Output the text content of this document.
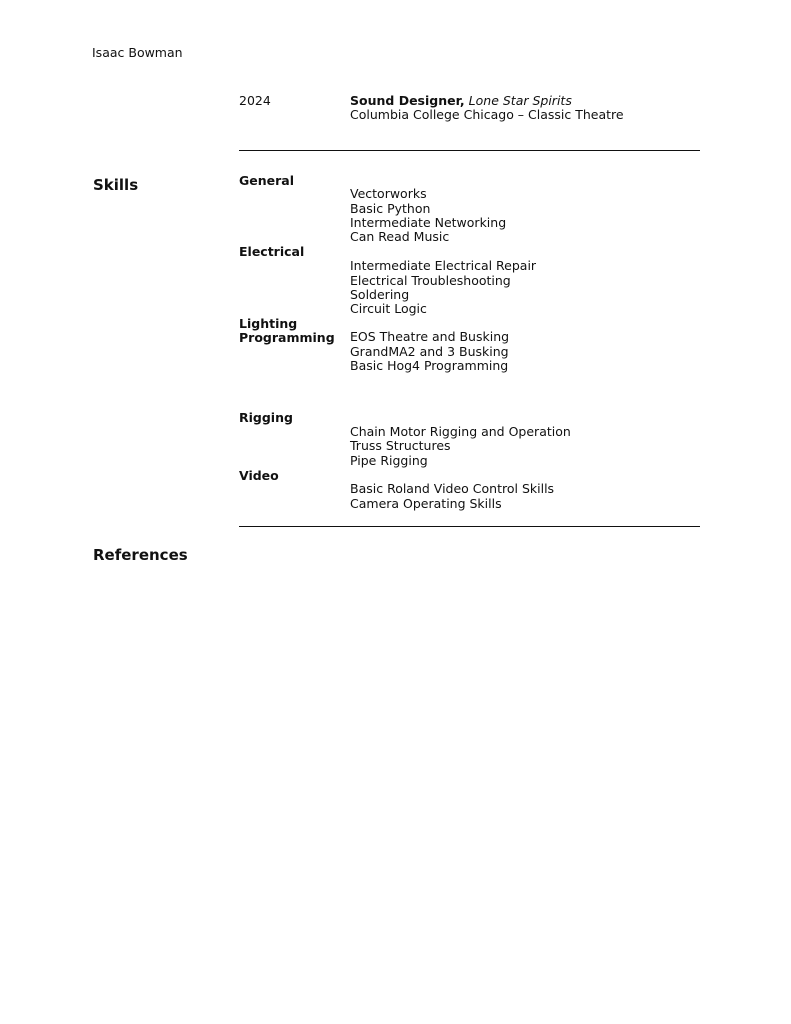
Isaac Bowman
2024	Sound Designer, Lone Star Spirits
Columbia College Chicago – Classic Theatre
Skills	General
Vectorworks
Basic Python
Intermediate Networking
Can Read Music
Electrical
Intermediate Electrical Repair
Electrical Troubleshooting
Soldering
Circuit Logic
Lighting
Programming EOS Theatre and Busking
GrandMA2 and 3 Busking
Basic Hog4 Programming
Rigging
Chain Motor Rigging and Operation
Truss Structures
Pipe Rigging
Video
Basic Roland Video Control Skills
Camera Operating Skills
References
